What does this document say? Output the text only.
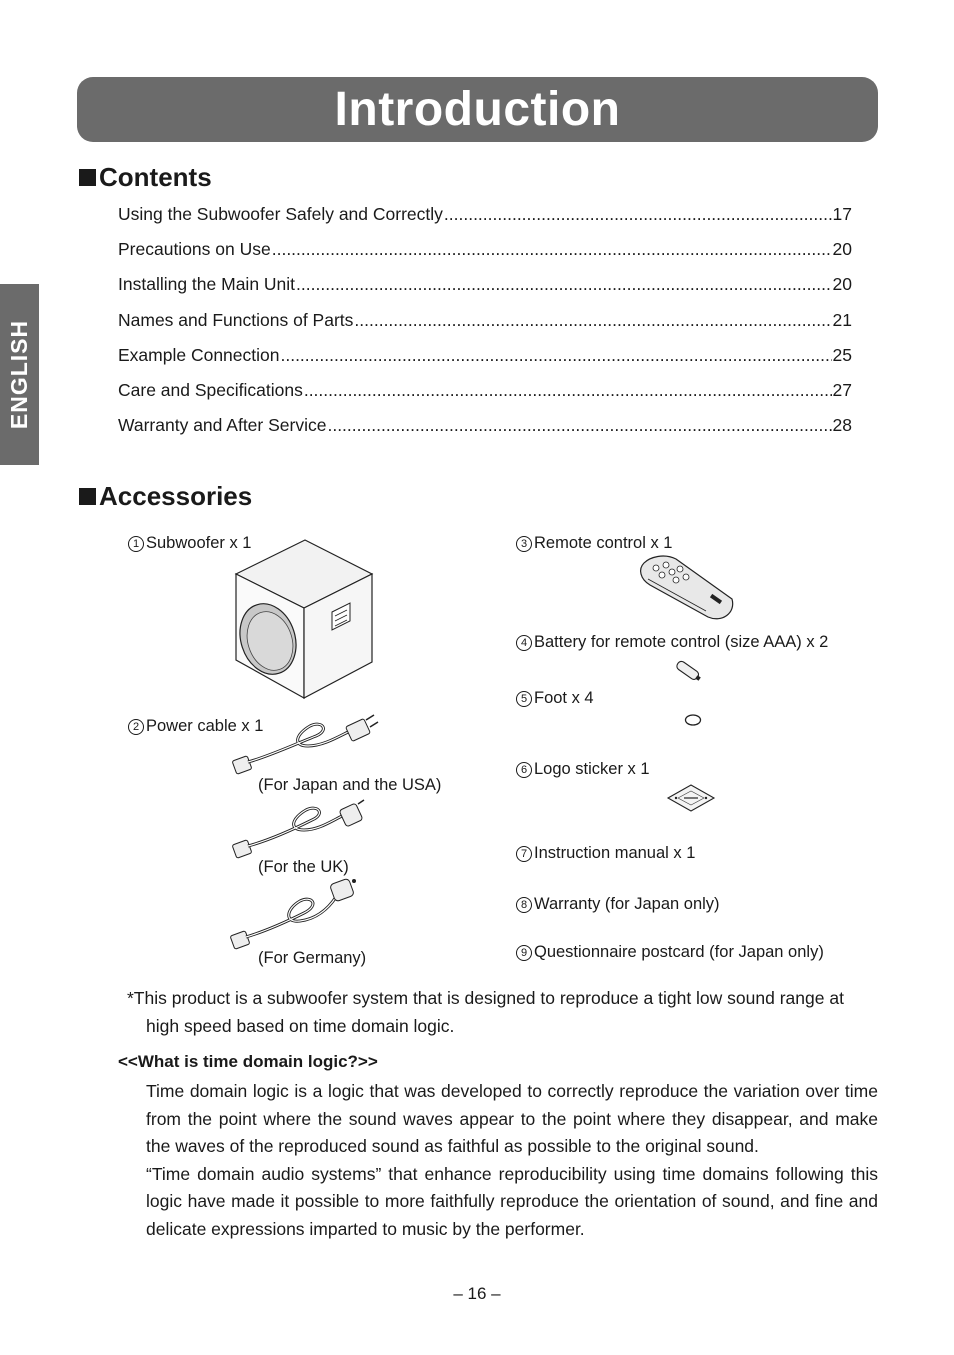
Introduction
ENGLISH
Contents
Using the Subwoofer Safely and Correctly .....	17
Precautions on Use .....	20
Installing the Main Unit .....	20
Names and Functions of Parts .....	21
Example Connection .....	25
Care and Specifications .....	27
Warranty and After Service .....	28
Accessories
1 Subwoofer x 1
2 Power cable x 1
3 Remote control x 1
4 Battery for remote control (size AAA) x 2
5 Foot x 4
6 Logo sticker x 1
7 Instruction manual x 1
8 Warranty (for Japan only)
9 Questionnaire postcard (for Japan only)
(For Japan and the USA)
(For the UK)
(For Germany)

*This product is a subwoofer system that is designed to reproduce a tight low sound range at

high speed based on time domain logic.

<<What is time domain logic?>>

Time domain logic is a logic that was developed to correctly reproduce the variation over time from the point where the sound waves appear to the point where they disappear, and make the waves of the reproduced sound as faithful as possible to the original sound.

“Time domain audio systems” that enhance reproducibility using time domains following this logic have made it possible to more faithfully reproduce the orientation of sound, and fine and delicate expressions imparted to music by the performer.

– 16 –
